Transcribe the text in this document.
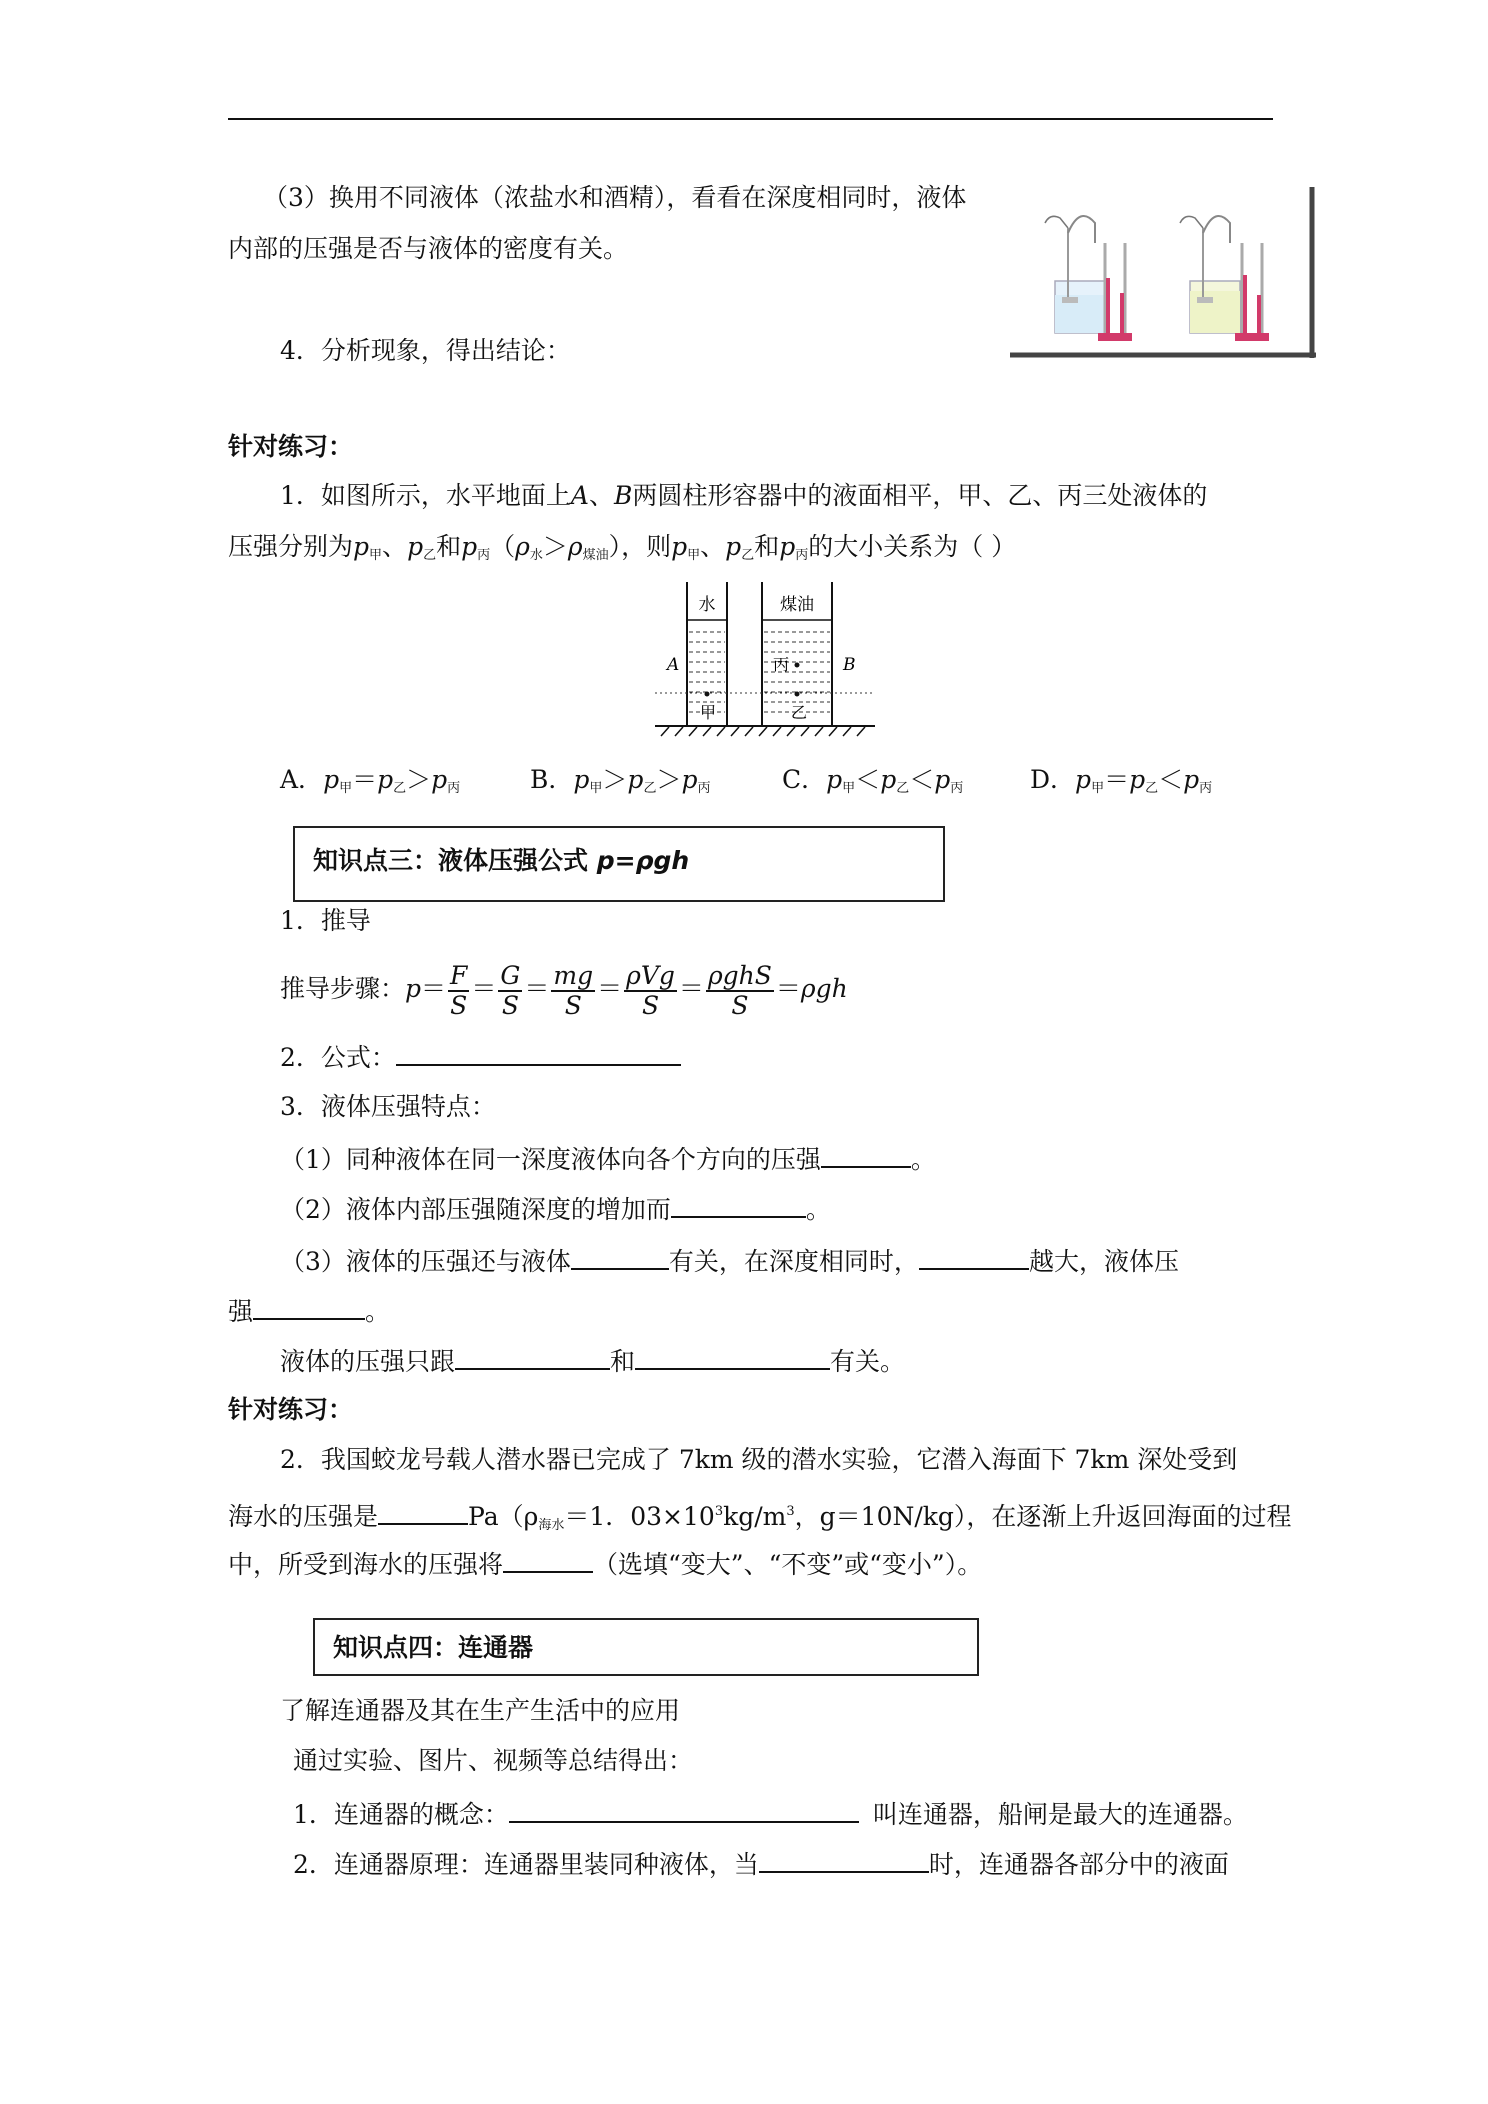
（3）换用不同液体（浓盐水和酒精），看看在深度相同时，液体
内部的压强是否与液体的密度有关。
4．分析现象，得出结论：
针对练习：
1．如图所示，水平地面上A、B两圆柱形容器中的液面相平，甲、乙、丙三处液体的
压强分别为$p_甲$、$p_乙$和$p_丙(\rho_水>\rho_{煤油})$，则$p_甲$、$p_乙$和$p_丙$的大小关系为（ ）
水	煤油
A	B
丙
甲	乙
A．$p_甲=p_乙>p_丙$	B．$p_甲>p_乙>p_丙$	C．$p_甲<p_乙<p_丙$	D．$p_甲=p_乙<p_丙$
知识点三：液体压强公式 p=ρgh
1．推导
推导步骤：$p= \frac{F}{S} = \frac{G}{S} = \frac{mg}{S} = \frac{\text{ρVg}}{S} = \frac{\text{ρghS}}{S} =\rho gh$
2．公式：
3．液体压强特点：
（1）同种液体在同一深度液体向各个方向的压强	。
（2）液体内部压强随深度的增加而	。
（3）液体的压强还与液体	有关，在深度相同时，	越大，液体压
强	。
液体的压强只跟	和	有关。
针对练习：
2．我国蛟龙号载人潜水器已完成了 7km 级的潜水实验，它潜入海面下 7km 深处受到
海水的压强是	$Pa(\rho_{海水}=1$．$03\times 10^3kg/m^3$，g＝10N/kg），在逐渐上升返回海面的过程
中，所受到海水的压强将	（选填“变大”、“不变”或“变小”）。
知识点四：连通器
了解连通器及其在生产生活中的应用
通过实验、图片、视频等总结得出：
1．连通器的概念：	叫连通器，船闸是最大的连通器。
2．连通器原理：连通器里装同种液体，当	时，连通器各部分中的液面
